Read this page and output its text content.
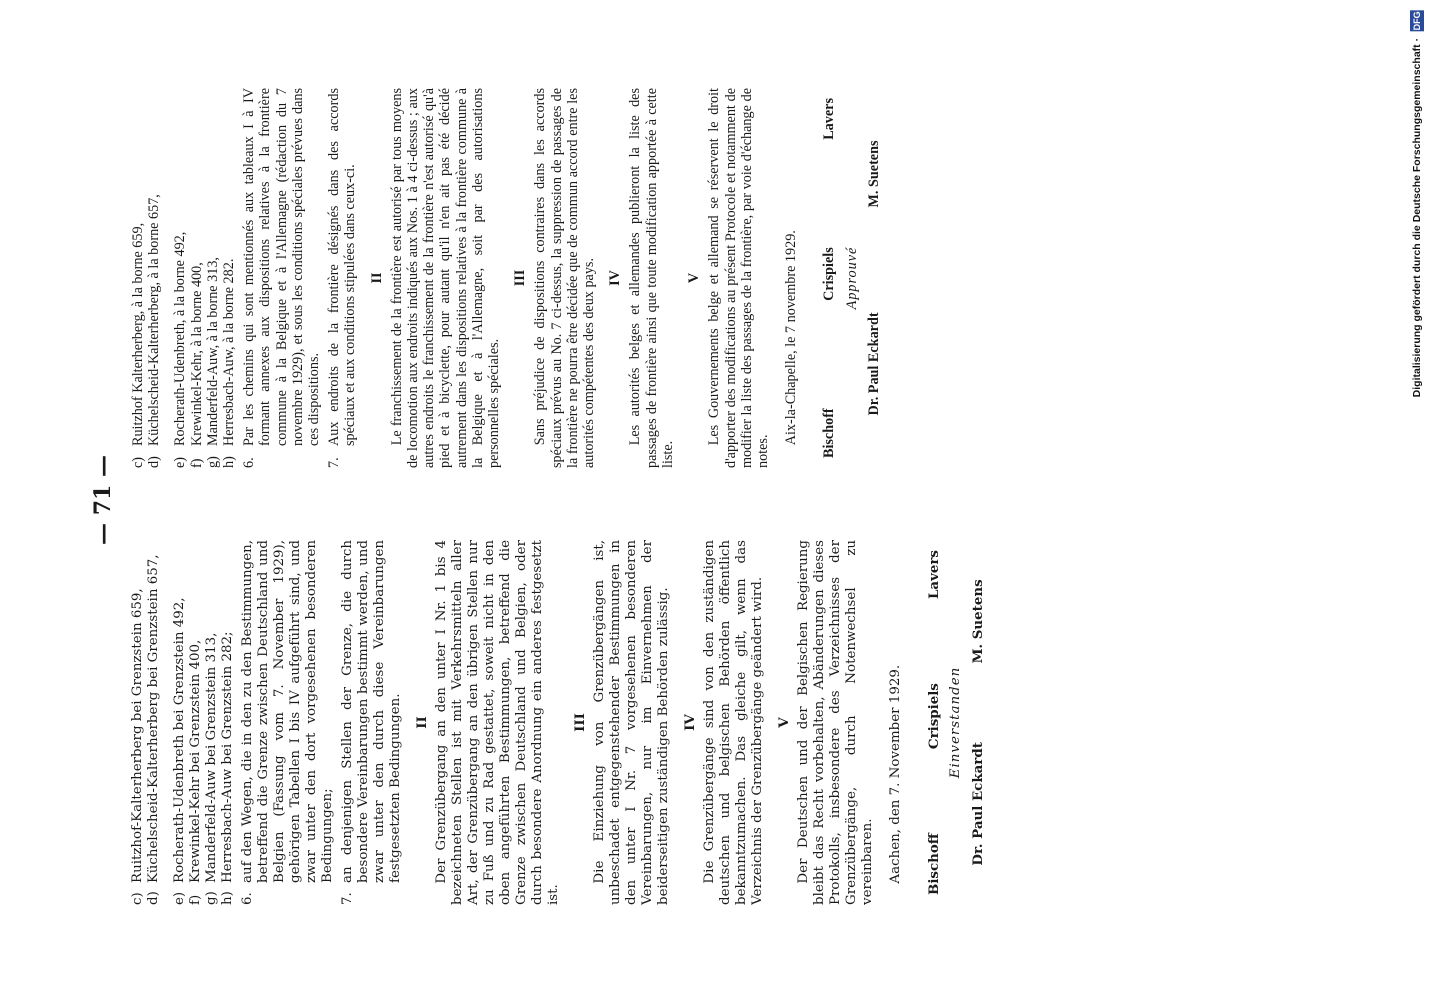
— 71 —
c)
Ruitzhof-Kalterherberg bei Grenzstein 659,
d)
Küchelscheid-Kalterherberg bei Grenzstein 657,
e)
Rocherath-Udenbreth bei Grenzstein 492,
f)
Krewinkel-Kehr bei Grenzstein 400,
g)
Manderfeld-Auw bei Grenzstein 313,
h)
Herresbach-Auw bei Grenzstein 282;
6.
auf den Wegen, die in den zu den Bestimmungen, betreffend die Grenze zwischen Deutschland und Belgien (Fassung vom 7. November 1929), gehörigen Tabellen I bis IV aufgeführt sind, und zwar unter den dort vorgesehenen besonderen Bedingungen;
7.
an denjenigen Stellen der Grenze, die durch besondere Vereinbarungen bestimmt werden, und zwar unter den durch diese Vereinbarungen festgesetzten Bedingungen. II Der Grenzübergang an den unter I Nr. 1 bis 4 bezeichneten Stellen ist mit Verkehrsmitteln aller Art, der Grenzübergang an den übrigen Stellen nur zu Fuß und zu Rad gestattet, soweit nicht in den oben angeführten Bestimmungen, betreffend die Grenze zwischen Deutschland und Belgien, oder durch besondere Anordnung ein anderes festgesetzt ist.
III Die Einziehung von Grenzübergängen ist, unbeschadet entgegenstehender Bestimmungen in den unter I Nr. 7 vorgesehenen besonderen Vereinbarungen, nur im Einvernehmen der beiderseitigen zuständigen Behörden zulässig. IV Die Grenzübergänge sind von den zuständigen deutschen und belgischen Behörden öffentlich bekanntzumachen. Das gleiche gilt, wenn das Verzeichnis der Grenzübergänge geändert wird. V Der Deutschen und der Belgischen Regierung bleibt das Recht vorbehalten, Abänderungen dieses Protokolls, insbesondere des Verzeichnisses der Grenzübergänge, durch Notenwechsel zu vereinbaren. Aachen, den 7. November 1929. Bischoff
Crispiels
Lavers
Einverstanden
Dr. Paul Eckardt
M. Suetens
c)
Ruitzhof Kalterherberg, à la borne 659,
d)
Küchelscheid-Kalterherberg, à la borne 657,
e)
Rocherath-Udenbreth, à la borne 492,
f)
Krewinkel-Kehr, à la borne 400,
g)
Manderfeld-Auw, à la borne 313,
h)
Herresbach-Auw, à la borne 282.
6.
Par les chemins qui sont mentionnés aux tableaux I à IV formant annexes aux dispositions relatives à la frontière commune à la Belgique et à l'Allemagne (rédaction du 7 novembre 1929), et sous les conditions spéciales prévues dans ces dispositions.
7.
Aux endroits de la frontière désignés dans des accords spéciaux et aux conditions stipulées dans ceux-ci. II Le franchissement de la frontière est autorisé par tous moyens de locomotion aux endroits indiqués aux Nos. 1 à 4 ci-dessus ; aux autres endroits le franchissement de la frontière n'est autorisé qu'à pied et à bicyclette, pour autant qu'il n'en ait pas été décidé autrement dans les dispositions relatives à la frontière commune à la Belgique et à l'Allemagne, soit par des autorisations personnelles spéciales.
III Sans préjudice de dispositions contraires dans les accords spéciaux prévus au No. 7 ci-dessus, la suppression de passages de la frontière ne pourra être décidée que de commun accord entre les autorités compétentes des deux pays. IV Les autorités belges et allemandes publieront la liste des passages de frontière ainsi que toute modification apportée à cette liste.
V Les Gouvernements belge et allemand se réservent le droit d'apporter des modifications au présent Protocole et notamment de modifier la liste des passages de la frontière, par voie d'échange de notes.
Aix-la-Chapelle, le 7 novembre 1929. Bischoff
Crispiels
Lavers
Approuvé
Dr. Paul Eckardt
M. Suetens	Digitalisierung gefördert durch die Deutsche Forschungsgemeinschaft · DFG
